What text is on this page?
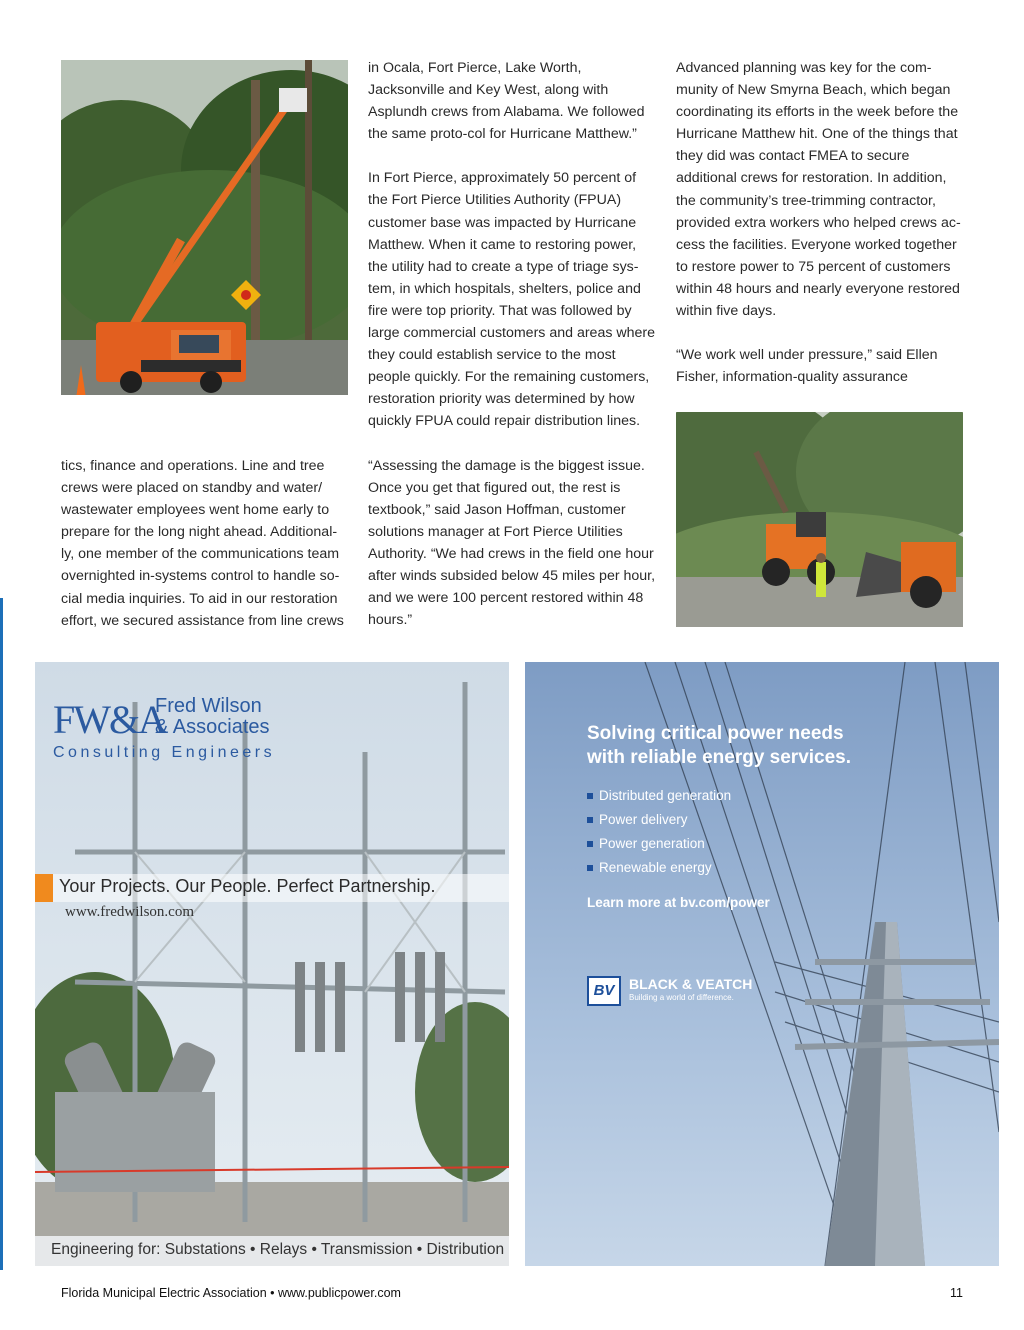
tics, finance and operations. Line and tree crews were placed on standby and water/ wastewater employees went home early to prepare for the long night ahead. Additional-ly, one member of the communications team overnighted in-systems control to handle so-cial media inquiries. To aid in our restoration effort, we secured assistance from line crews

in Ocala, Fort Pierce, Lake Worth, Jacksonville and Key West, along with Asplundh crews from Alabama. We followed the same proto-col for Hurricane Matthew.”

In Fort Pierce, approximately 50 percent of the Fort Pierce Utilities Authority (FPUA) customer base was impacted by Hurricane Matthew. When it came to restoring power, the utility had to create a type of triage sys-tem, in which hospitals, shelters, police and fire were top priority. That was followed by large commercial customers and areas where they could establish service to the most people quickly. For the remaining customers, restoration priority was determined by how quickly FPUA could repair distribution lines.

“Assessing the damage is the biggest issue. Once you get that figured out, the rest is textbook,” said Jason Hoffman, customer solutions manager at Fort Pierce Utilities Authority. “We had crews in the field one hour after winds subsided below 45 miles per hour, and we were 100 percent restored within 48 hours.”

Advanced planning was key for the com-munity of New Smyrna Beach, which began coordinating its efforts in the week before the Hurricane Matthew hit. One of the things that they did was contact FMEA to secure additional crews for restoration. In addition, the community’s tree-trimming contractor, provided extra workers who helped crews ac-cess the facilities. Everyone worked together to restore power to 75 percent of customers within 48 hours and nearly everyone restored within five days.

“We work well under pressure,” said Ellen Fisher, information-quality assurance

FW&A
Fred Wilson
& Associates
Consulting Engineers
Your Projects. Our People. Perfect Partnership.
www.fredwilson.com
Engineering for: Substations • Relays • Transmission • Distribution
Solving critical power needs
with reliable energy services.
Distributed generation
Power delivery
Power generation
Renewable energy
Learn more at bv.com/power
BV	BLACK & VEATCH
Building a world of difference.
Florida Municipal Electric Association • www.publicpower.com	11
